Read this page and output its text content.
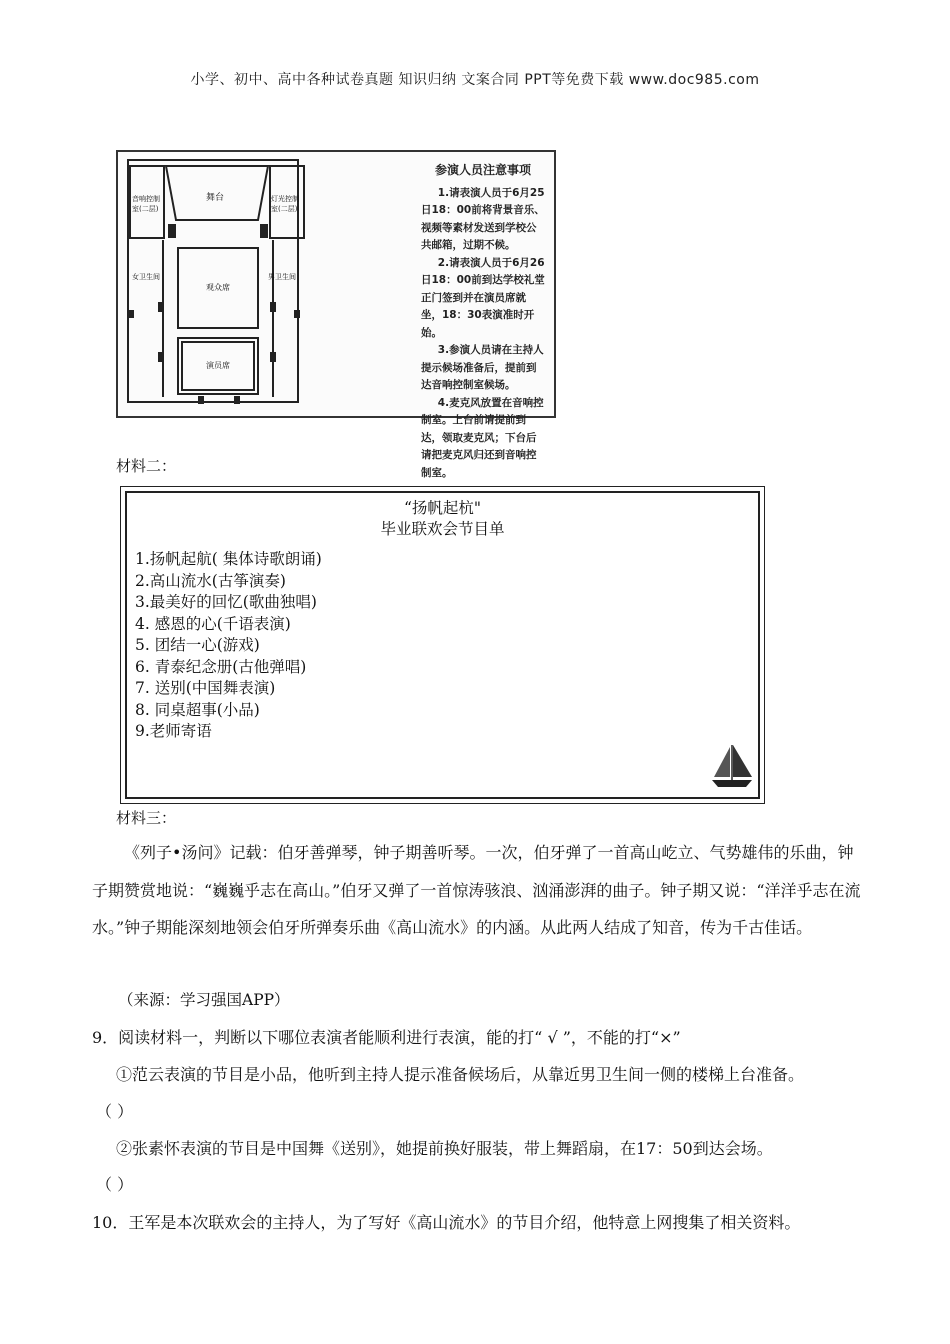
小学、初中、高中各种试卷真题 知识归纳 文案合同 PPT等免费下载 www.doc985.com
舞台
音响控制室(二层)
灯光控制室(二层)
女卫生间	男卫生间
观众席
演员席
参演人员注意事项

1.请表演人员于6月25日18：00前将背景音乐、视频等素材发送到学校公共邮箱，过期不候。

2.请表演人员于6月26日18：00前到达学校礼堂正门签到并在演员席就坐，18：30表演准时开始。

3.参演人员请在主持人提示候场准备后，提前到达音响控制室候场。

4.麦克风放置在音响控制室。上台前请提前到达，领取麦克风；下台后请把麦克风归还到音响控制室。

材料二：
“扬帆起杭"
毕业联欢会节目单
1.扬帆起航( 集体诗歌朗诵)
2.高山流水(古筝演奏)
3.最美好的回忆(歌曲独唱)
4. 感恩的心(千语表演)
5. 团结一心(游戏)
6. 青泰纪念册(古他弹唱)
7. 送别(中国舞表演)
8. 同桌超事(小品)
9.老师寄语
材料三：
《列子•汤问》记载：伯牙善弹琴，钟子期善听琴。一次，伯牙弹了一首高山屹立、气势雄伟的乐曲，钟子期赞赏地说：“巍巍乎志在高山。”伯牙又弹了一首惊涛骇浪、汹涌澎湃的曲子。钟子期又说：“洋洋乎志在流水。”钟子期能深刻地领会伯牙所弹奏乐曲《高山流水》的内涵。从此两人结成了知音，传为千古佳话。
（来源：学习强国APP）
9．阅读材料一，判断以下哪位表演者能顺利进行表演，能的打“ √ ”，不能的打“×”
①范云表演的节目是小品，他听到主持人提示准备候场后，从靠近男卫生间一侧的楼梯上台准备。
（ ）
②张素怀表演的节目是中国舞《送别》，她提前换好服装，带上舞蹈扇，在17：50到达会场。
（ ）
10．王军是本次联欢会的主持人，为了写好《高山流水》的节目介绍，他特意上网搜集了相关资料。
